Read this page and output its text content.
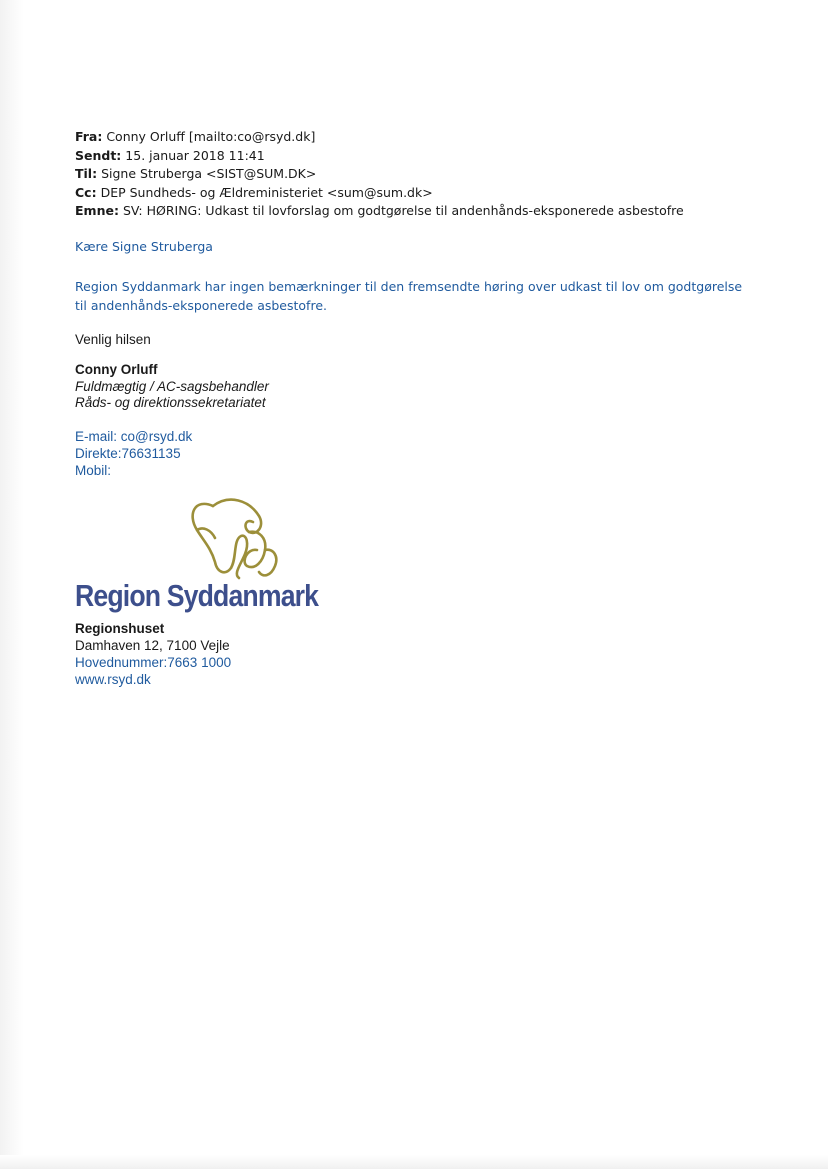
Fra: Conny Orluff [mailto:co@rsyd.dk]
Sendt: 15. januar 2018 11:41
Til: Signe Struberga <SIST@SUM.DK>
Cc: DEP Sundheds- og Ældreministeriet <sum@sum.dk>
Emne: SV: HØRING: Udkast til lovforslag om godtgørelse til andenhånds-eksponerede asbestofre
Kære Signe Struberga
Region Syddanmark har ingen bemærkninger til den fremsendte høring over udkast til lov om godtgørelse
til andenhånds-eksponerede asbestofre.
Venlig hilsen
Conny Orluff
Fuldmægtig / AC-sagsbehandler
Råds- og direktionssekretariatet
E-mail: co@rsyd.dk
Direkte:76631135
Mobil:
Region Syddanmark
Regionshuset
Damhaven 12, 7100 Vejle
Hovednummer:7663 1000
www.rsyd.dk
